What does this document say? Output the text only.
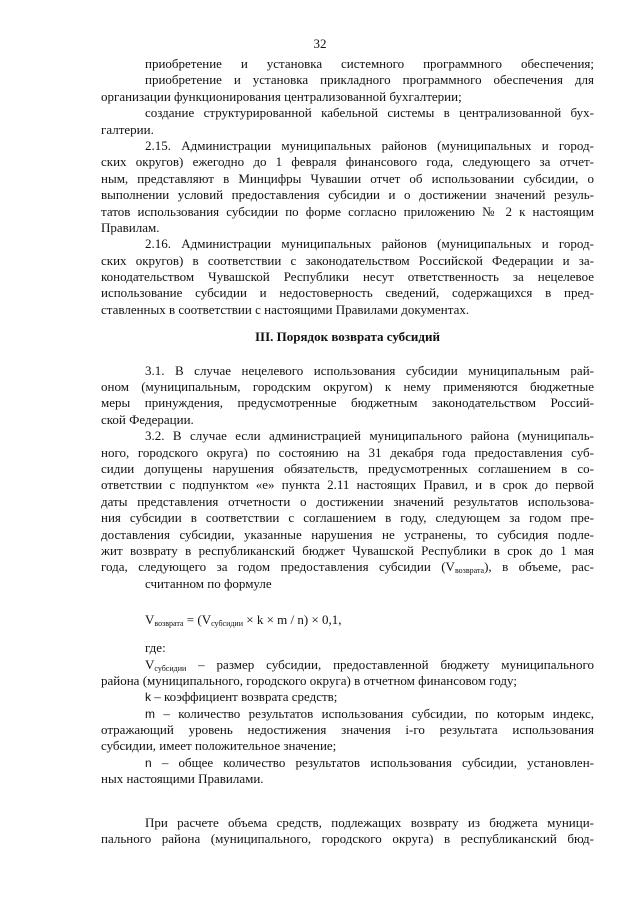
32
приобретение и установка системного программного обеспечения;
приобретение и установка прикладного программного обеспечения для
организации функционирования централизованной бухгалтерии;
создание структурированной кабельной системы в централизованной бух-
галтерии.
2.15. Администрации муниципальных районов (муниципальных и город-
ских округов) ежегодно до 1 февраля финансового года, следующего за отчет-
ным, представляют в Минцифры Чувашии отчет об использовании субсидии, о
выполнении условий предоставления субсидии и о достижении значений резуль-
татов использования субсидии по форме согласно приложению № 2 к настоящим
Правилам.
2.16. Администрации муниципальных районов (муниципальных и город-
ских округов) в соответствии с законодательством Российской Федерации и за-
конодательством Чувашской Республики несут ответственность за нецелевое
использование субсидии и недостоверность сведений, содержащихся в пред-
ставленных в соответствии с настоящими Правилами документах.
III. Порядок возврата субсидий
3.1. В случае нецелевого использования субсидии муниципальным рай-
оном (муниципальным, городским округом) к нему применяются бюджетные
меры принуждения, предусмотренные бюджетным законодательством Россий-
ской Федерации.
3.2. В случае если администрацией муниципального района (муниципаль-
ного, городского округа) по состоянию на 31 декабря года предоставления суб-
сидии допущены нарушения обязательств, предусмотренных соглашением в со-
ответствии с подпунктом «е» пункта 2.11 настоящих Правил, и в срок до первой
даты представления отчетности о достижении значений результатов использова-
ния субсидии в соответствии с соглашением в году, следующем за годом пре-
доставления субсидии, указанные нарушения не устранены, то субсидия подле-
жит возврату в республиканский бюджет Чувашской Республики в срок до 1 мая
года, следующего за годом предоставления субсидии $(V_{возврата})$, в объеме, рас-
считанном по формуле
$V_{возврата} = (V_{субсидии} \times k \times m / n) \times 0,1$,
где:
$V_{субсидии}$ – размер субсидии, предоставленной бюджету муниципального
района (муниципального, городского округа) в отчетном финансовом году;
k – коэффициент возврата средств;
m – количество результатов использования субсидии, по которым индекс,
отражающий уровень недостижения значения i-го результата использования
субсидии, имеет положительное значение;
n – общее количество результатов использования субсидии, установлен-
ных настоящими Правилами.
При расчете объема средств, подлежащих возврату из бюджета муници-
пального района (муниципального, городского округа) в республиканский бюд-
